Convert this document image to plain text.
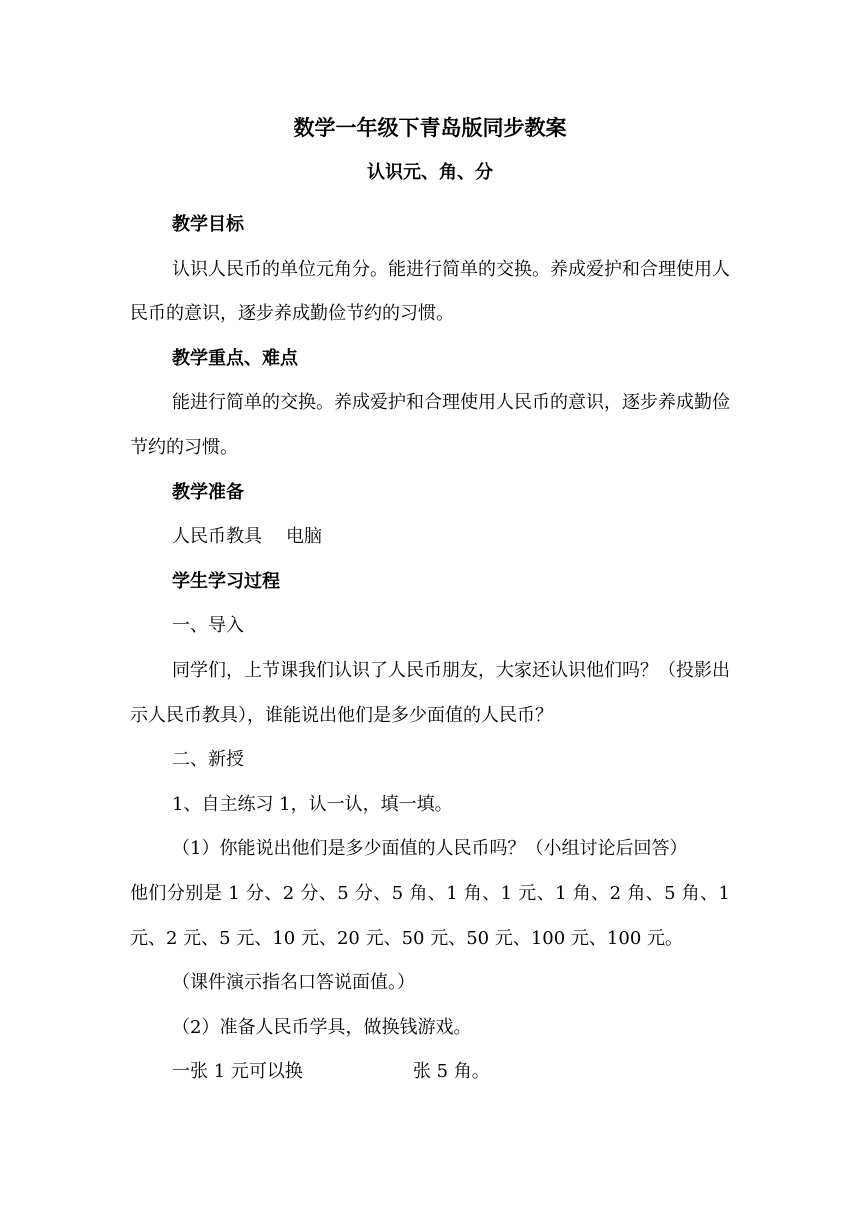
数学一年级下青岛版同步教案
认识元、角、分

教学目标

认识人民币的单位元角分。能进行简单的交换。养成爱护和合理使用人民币的意识，逐步养成勤俭节约的习惯。

教学重点、难点

能进行简单的交换。养成爱护和合理使用人民币的意识，逐步养成勤俭节约的习惯。

教学准备

人民币教具 电脑

学生学习过程

一、导入

同学们，上节课我们认识了人民币朋友，大家还认识他们吗？（投影出示人民币教具），谁能说出他们是多少面值的人民币？

二、新授

1、自主练习 1，认一认，填一填。

（1）你能说出他们是多少面值的人民币吗？（小组讨论后回答）

他们分别是 1 分、2 分、5 分、5 角、1 角、1 元、1 角、2 角、5 角、1 元、2 元、5 元、10 元、20 元、50 元、50 元、100 元、100 元。

（课件演示指名口答说面值。）

（2）准备人民币学具，做换钱游戏。

一张 1 元可以换	张 5 角。
